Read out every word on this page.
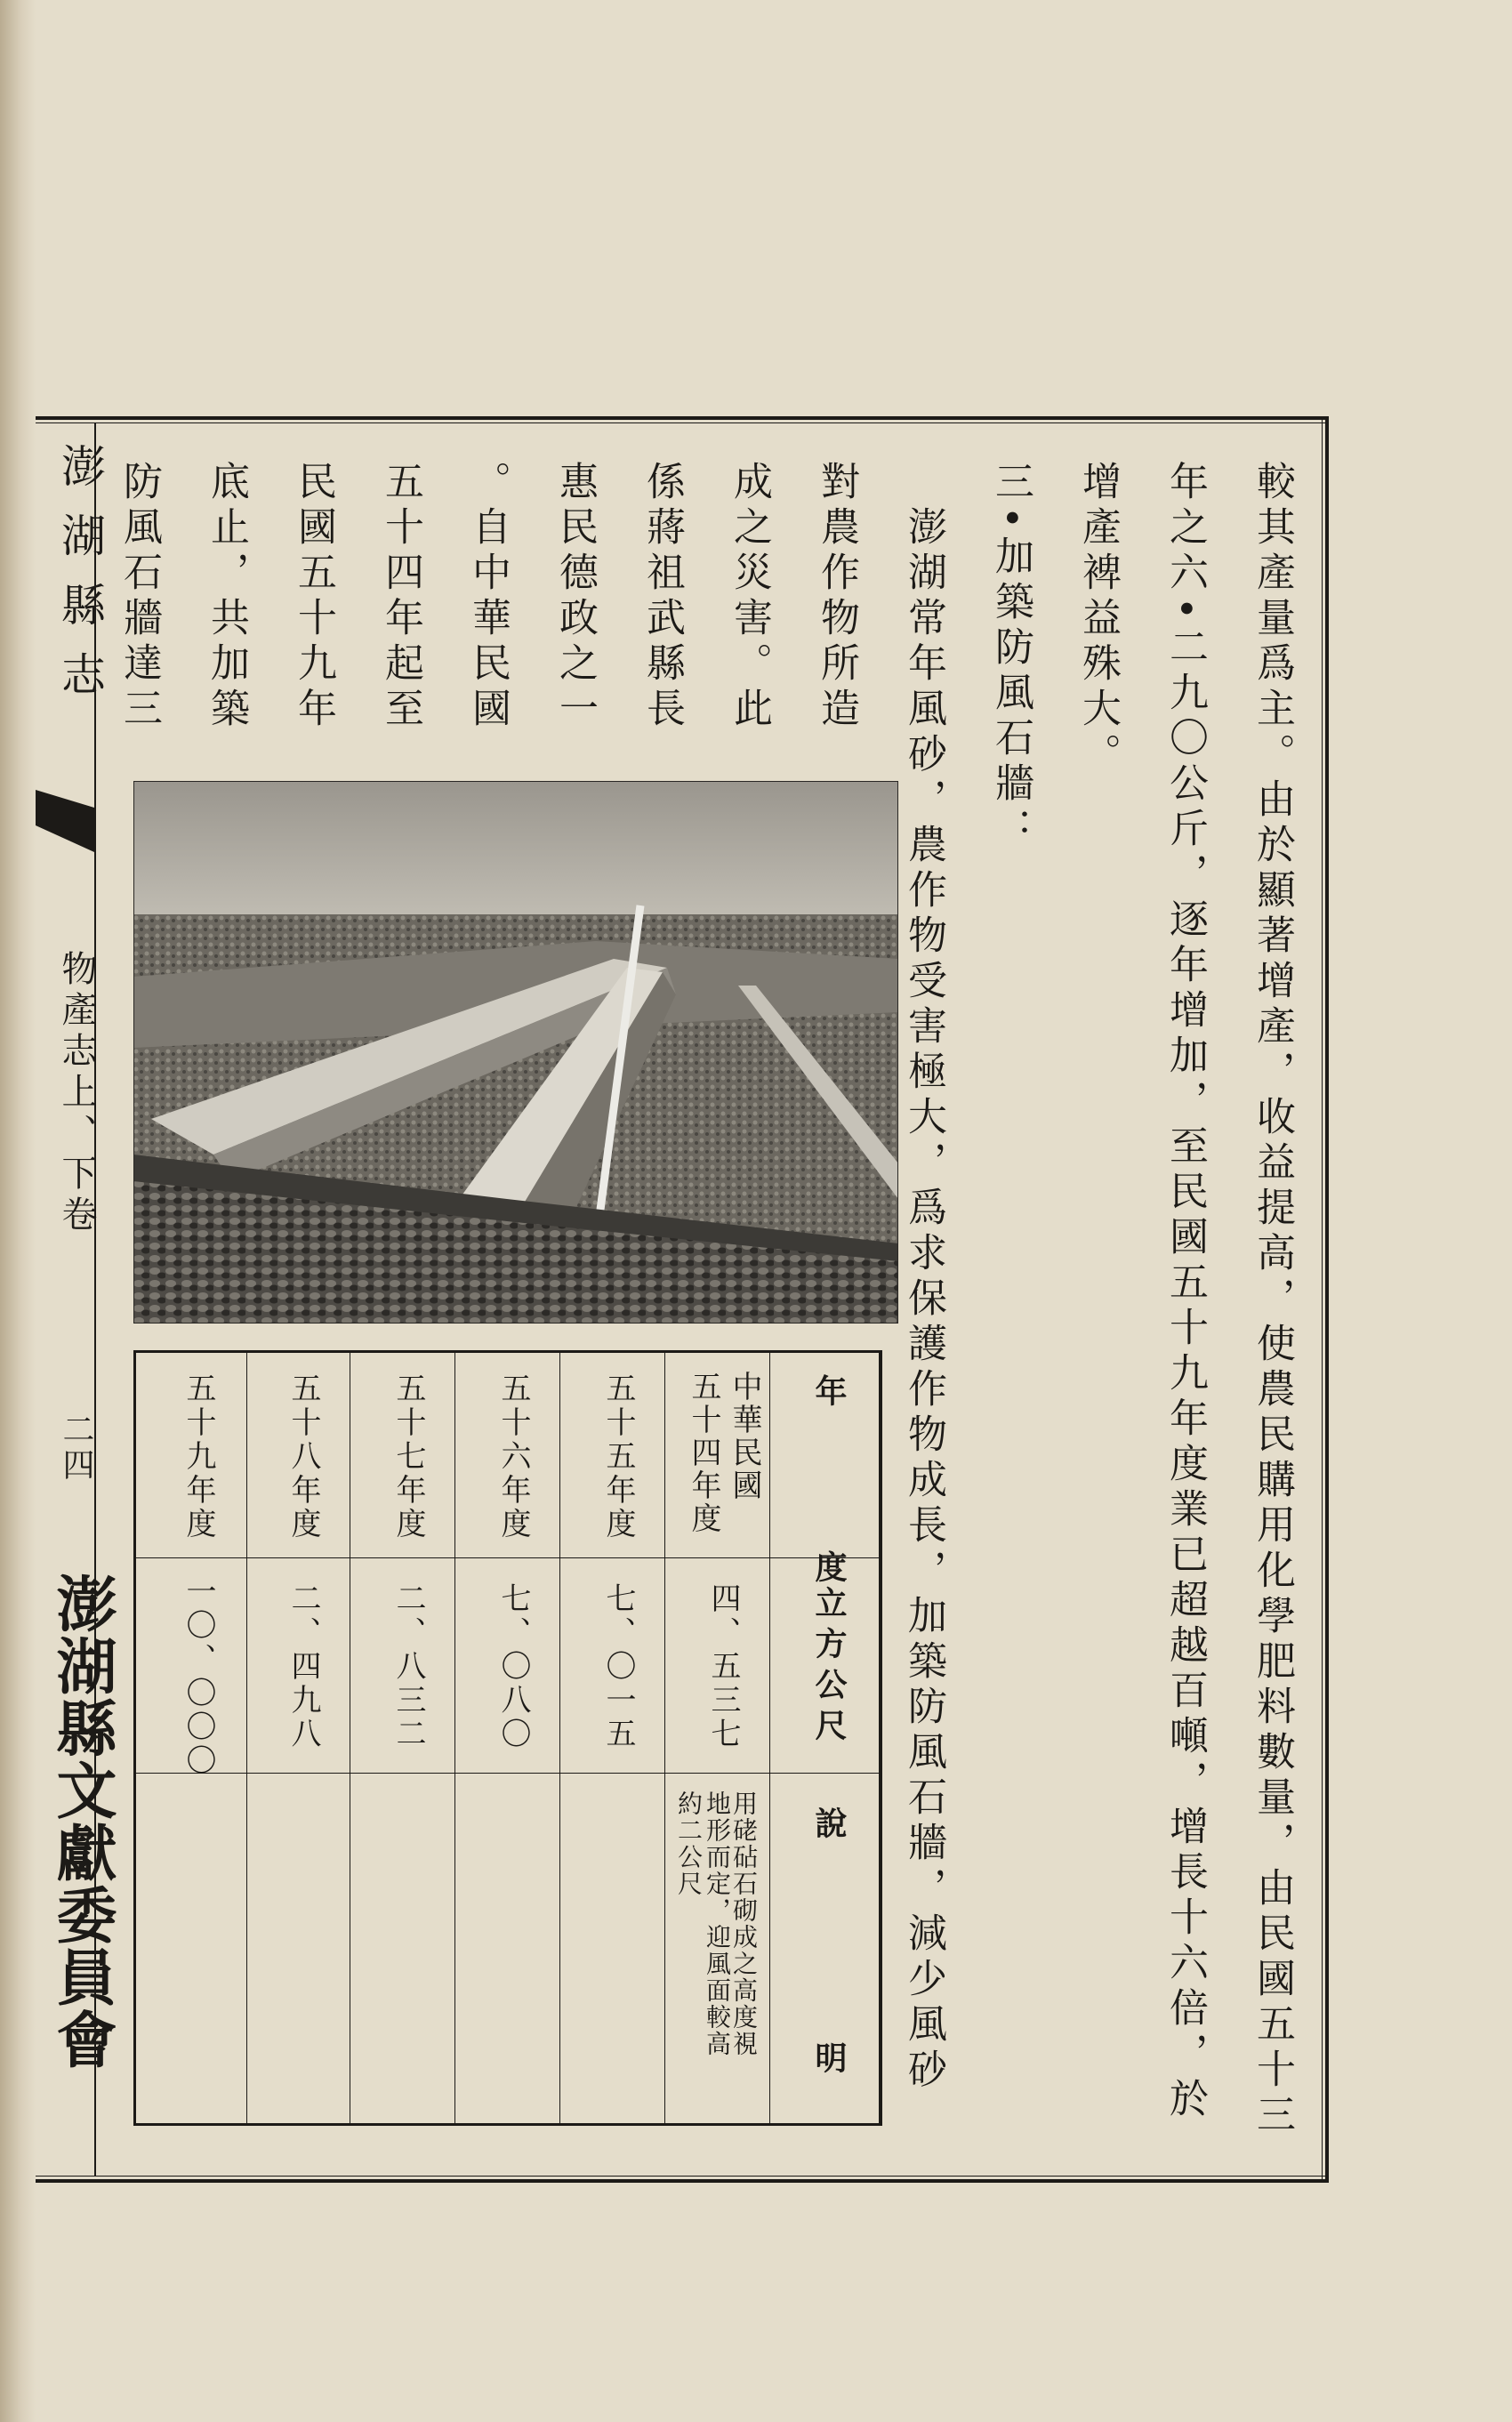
澎湖縣志
物產志上、下卷
二四
澎湖縣文獻委員會	較其產量爲主。由於顯著增產，收益提高，使農民購用化學肥料數量，由民國五十三
年之六•二九〇公斤，逐年增加，至民國五十九年度業已超越百噸，增長十六倍，於
增產裨益殊大。
三•加築防風石牆：
　澎湖常年風砂，農作物受害極大，爲求保護作物成長，加築防風石牆，減少風砂
對農作物所造
成之災害。此
係蔣祖武縣長
惠民德政之一
。自中華民國
五十四年起至
民國五十九年
底止，共加築
防風石牆達三
年　　度
立方公尺
說　　　明
中華民國
五十四年度
四、五三七
用硓砧石砌成之高度視
地形而定，迎風面較高
約二公尺
五十五年度
七、〇一五
五十六年度
七、〇八〇
五十七年度
二、八三二
五十八年度
二、四九八
五十九年度
一〇、〇〇〇
